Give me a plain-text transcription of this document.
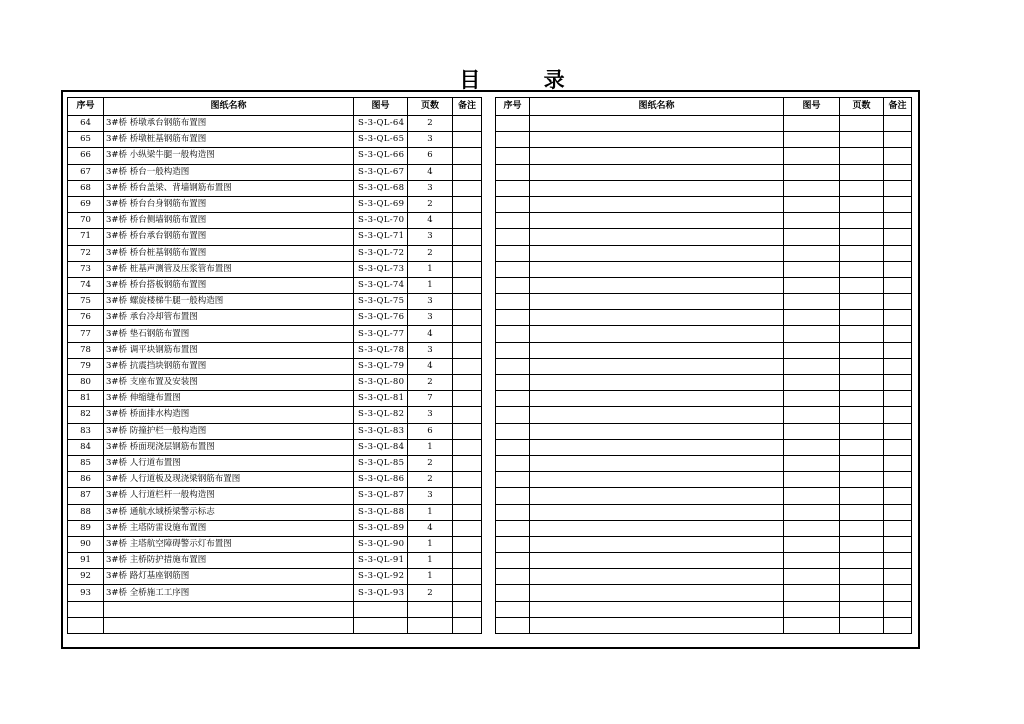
目 录
序号	图纸名称	图号	页数	备注
64	3#桥 桥墩承台钢筋布置图	S-3-QL-64	2	
65	3#桥 桥墩桩基钢筋布置图	S-3-QL-65	3	
66	3#桥 小纵梁牛腿一般构造图	S-3-QL-66	6	
67	3#桥 桥台一般构造图	S-3-QL-67	4	
68	3#桥 桥台盖梁、背墙钢筋布置图	S-3-QL-68	3	
69	3#桥 桥台台身钢筋布置图	S-3-QL-69	2	
70	3#桥 桥台侧墙钢筋布置图	S-3-QL-70	4	
71	3#桥 桥台承台钢筋布置图	S-3-QL-71	3	
72	3#桥 桥台桩基钢筋布置图	S-3-QL-72	2	
73	3#桥 桩基声测管及压浆管布置图	S-3-QL-73	1	
74	3#桥 桥台搭板钢筋布置图	S-3-QL-74	1	
75	3#桥 螺旋楼梯牛腿一般构造图	S-3-QL-75	3	
76	3#桥 承台冷却管布置图	S-3-QL-76	3	
77	3#桥 垫石钢筋布置图	S-3-QL-77	4	
78	3#桥 调平块钢筋布置图	S-3-QL-78	3	
79	3#桥 抗震挡块钢筋布置图	S-3-QL-79	4	
80	3#桥 支座布置及安装图	S-3-QL-80	2	
81	3#桥 伸缩缝布置图	S-3-QL-81	7	
82	3#桥 桥面排水构造图	S-3-QL-82	3	
83	3#桥 防撞护栏一般构造图	S-3-QL-83	6	
84	3#桥 桥面现浇层钢筋布置图	S-3-QL-84	1	
85	3#桥 人行道布置图	S-3-QL-85	2	
86	3#桥 人行道板及现浇梁钢筋布置图	S-3-QL-86	2	
87	3#桥 人行道栏杆一般构造图	S-3-QL-87	3	
88	3#桥 通航水域桥梁警示标志	S-3-QL-88	1	
89	3#桥 主塔防雷设施布置图	S-3-QL-89	4	
90	3#桥 主塔航空障碍警示灯布置图	S-3-QL-90	1	
91	3#桥 主桥防护措施布置图	S-3-QL-91	1	
92	3#桥 路灯基座钢筋图	S-3-QL-92	1	
93	3#桥 全桥施工工序图	S-3-QL-93	2	

序号	图纸名称	图号	页数	备注
